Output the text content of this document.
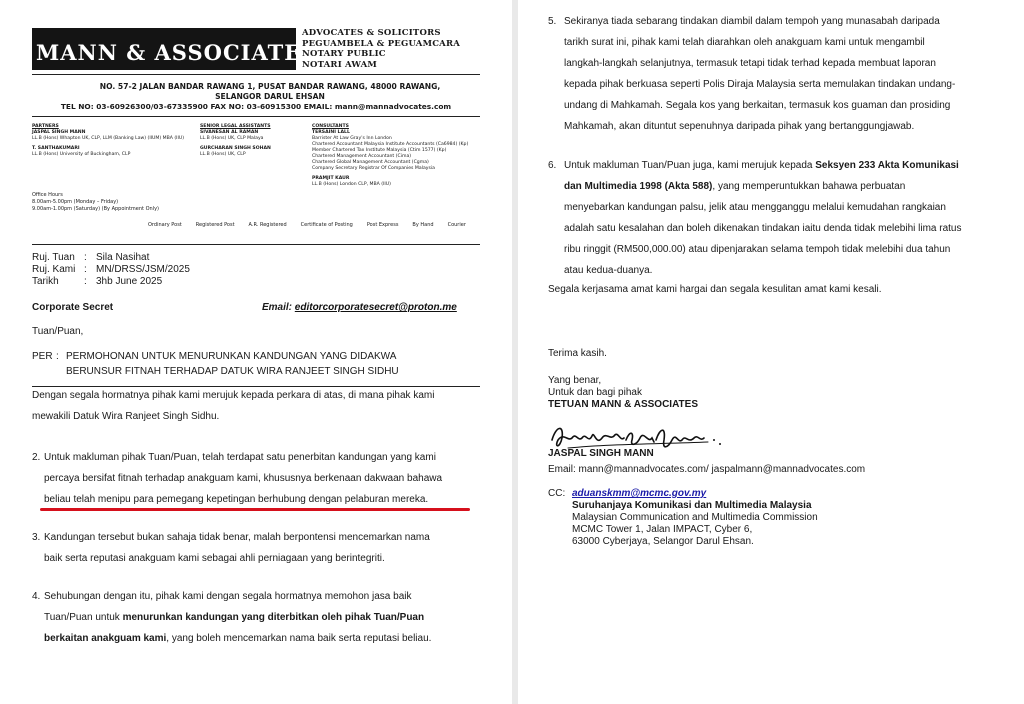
MANN & ASSOCIATES
ADVOCATES & SOLICITORS
PEGUAMBELA & PEGUAMCARA
NOTARY PUBLIC
NOTARI AWAM
NO. 57-2 JALAN BANDAR RAWANG 1, PUSAT BANDAR RAWANG, 48000 RAWANG,
SELANGOR DARUL EHSAN
TEL NO: 03-60926300/03-67335900 FAX NO: 03-60915300 EMAIL: mann@mannadvocates.com
PARTNERS
JASPAL SINGH MANN
LL.B (Hons) Whapton UK, CLP, LLM (Banking Law) (IIUM) MBA (IIU)
T. SANTHAKUMARI
LL.B (Hons) University of Buckingham, CLP
SENIOR LEGAL ASSISTANTS
SIVANESAN AL RAMAN
LL.B (Hons) UK, CLP Malaya
GURCHARAN SINGH SOHAN
LL.B (Hons) UK, CLP
CONSULTANTS
TERSAINI LALL
Barrister At Law Gray's Inn London
Chartered Accountant Malaysia Institute Accountants (Ca6984) (Kp)
Member Chartered Tax Institute Malaysia (Ctim 1577) (Kp)
Chartered Management Accountant (Cima)
Chartered Global Management Accountant (Cgma)
Company Secretary Registrar Of Companies Malaysia
PRAMJIT KAUR
LL.B (Hons) London CLP, MBA (IIU)
Office Hours
8.00am-5.00pm (Monday – Friday)
9.00am-1.00pm (Saturday) (By Appointment Only)
Ordinary Post	Registered Post	A.R. Registered	Certificate of Posting	Post Express	By Hand	Courier
Ruj. Tuan : Sila Nasihat
Ruj. Kami : MN/DRSS/JSM/2025
Tarikh	: 3hb June 2025
Corporate Secret	Email: editorcorporatesecret@proton.me
Tuan/Puan,
PER : PERMOHONAN UNTUK MENURUNKAN KANDUNGAN YANG DIDAKWA
BERUNSUR FITNAH TERHADAP DATUK WIRA RANJEET SINGH SIDHU
Dengan segala hormatnya pihak kami merujuk kepada perkara di atas, di mana pihak kami
mewakili Datuk Wira Ranjeet Singh Sidhu.
2. Untuk makluman pihak Tuan/Puan, telah terdapat satu penerbitan kandungan yang kami
percaya bersifat fitnah terhadap anakguam kami, khususnya berkenaan dakwaan bahawa
beliau telah menipu para pemegang kepetingan berhubung dengan pelaburan mereka.
3. Kandungan tersebut bukan sahaja tidak benar, malah berpontensi mencemarkan nama
baik serta reputasi anakguam kami sebagai ahli perniagaan yang berintegriti.
4. Sehubungan dengan itu, pihak kami dengan segala hormatnya memohon jasa baik
Tuan/Puan untuk menurunkan kandungan yang diterbitkan oleh pihak Tuan/Puan
berkaitan anakguam kami, yang boleh mencemarkan nama baik serta reputasi beliau.
5. Sekiranya tiada sebarang tindakan diambil dalam tempoh yang munasabah daripada
tarikh surat ini, pihak kami telah diarahkan oleh anakguam kami untuk mengambil
langkah-langkah selanjutnya, termasuk tetapi tidak terhad kepada membuat laporan
kepada pihak berkuasa seperti Polis Diraja Malaysia serta memulakan tindakan undang-
undang di Mahkamah. Segala kos yang berkaitan, termasuk kos guaman dan prosiding
Mahkamah, akan dituntut sepenuhnya daripada pihak yang bertanggungjawab.
6. Untuk makluman Tuan/Puan juga, kami merujuk kepada Seksyen 233 Akta Komunikasi
dan Multimedia 1998 (Akta 588), yang memperuntukkan bahawa perbuatan
menyebarkan kandungan palsu, jelik atau mengganggu melalui kemudahan rangkaian
adalah satu kesalahan dan boleh dikenakan tindakan iaitu denda tidak melebihi lima ratus
ribu ringgit (RM500,000.00) atau dipenjarakan selama tempoh tidak melebihi dua tahun
atau kedua-duanya.
Segala kerjasama amat kami hargai dan segala kesulitan amat kami kesali.
Terima kasih.
Yang benar,
Untuk dan bagi pihak
TETUAN MANN & ASSOCIATES
JASPAL SINGH MANN
Email: mann@mannadvocates.com/ jaspalmann@mannadvocates.com
CC: aduanskmm@mcmc.gov.my
Suruhanjaya Komunikasi dan Multimedia Malaysia
Malaysian Communication and Multimedia Commission
MCMC Tower 1, Jalan IMPACT, Cyber 6,
63000 Cyberjaya, Selangor Darul Ehsan.
